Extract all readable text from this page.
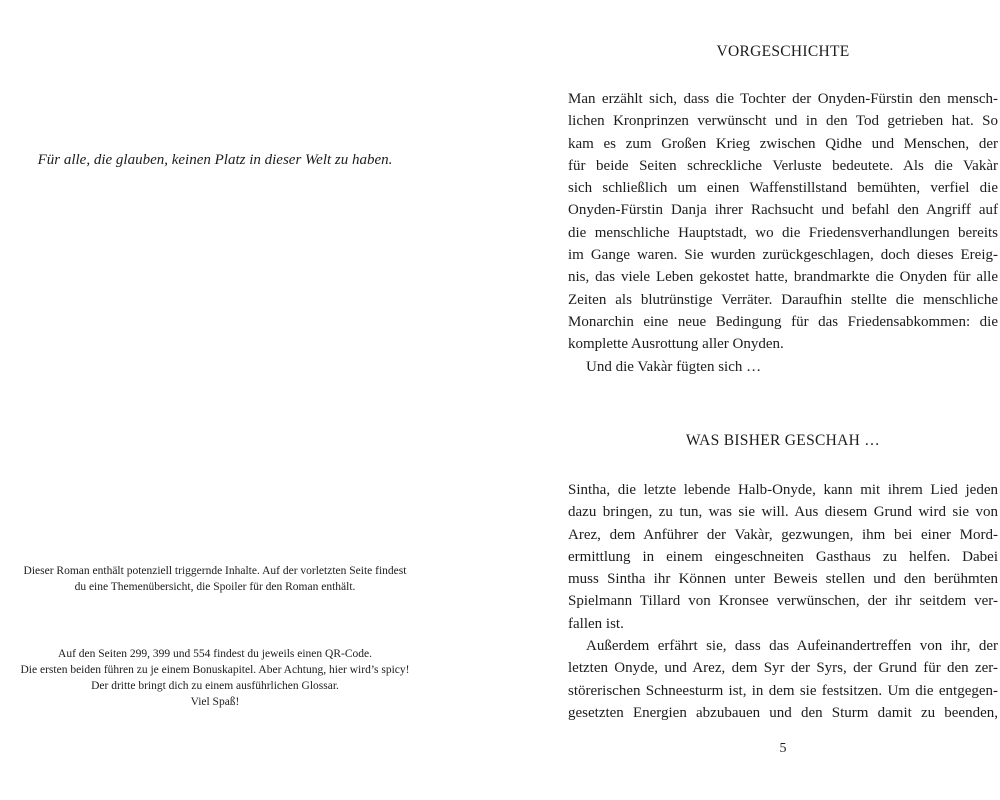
Für alle, die glauben, keinen Platz in dieser Welt zu haben.
Dieser Roman enthält potenziell triggernde Inhalte. Auf der vorletzten Seite findest
du eine Themenübersicht, die Spoiler für den Roman enthält.
Auf den Seiten 299, 399 und 554 findest du jeweils einen QR-Code.
Die ersten beiden führen zu je einem Bonuskapitel. Aber Achtung, hier wird’s spicy!
Der dritte bringt dich zu einem ausführlichen Glossar.
Viel Spaß!
VORGESCHICHTE
Man erzählt sich, dass die Tochter der Onyden-Fürstin den mensch-
lichen Kronprinzen verwünscht und in den Tod getrieben hat. So
kam es zum Großen Krieg zwischen Qidhe und Menschen, der
für beide Seiten schreckliche Verluste bedeutete. Als die Vakàr
sich schließlich um einen Waffenstillstand bemühten, verfiel die
Onyden-Fürstin Danja ihrer Rachsucht und befahl den Angriff auf
die menschliche Hauptstadt, wo die Friedensverhandlungen bereits
im Gange waren. Sie wurden zurückgeschlagen, doch dieses Ereig-
nis, das viele Leben gekostet hatte, brandmarkte die Onyden für alle
Zeiten als blutrünstige Verräter. Daraufhin stellte die menschliche
Monarchin eine neue Bedingung für das Friedensabkommen: die
komplette Ausrottung aller Onyden.
Und die Vakàr fügten sich …
WAS BISHER GESCHAH …
Sintha, die letzte lebende Halb-Onyde, kann mit ihrem Lied jeden
dazu bringen, zu tun, was sie will. Aus diesem Grund wird sie von
Arez, dem Anführer der Vakàr, gezwungen, ihm bei einer Mord-
ermittlung in einem eingeschneiten Gasthaus zu helfen. Dabei
muss Sintha ihr Können unter Beweis stellen und den berühmten
Spielmann Tillard von Kronsee verwünschen, der ihr seitdem ver-
fallen ist.
Außerdem erfährt sie, dass das Aufeinandertreffen von ihr, der
letzten Onyde, und Arez, dem Syr der Syrs, der Grund für den zer-
störerischen Schneesturm ist, in dem sie festsitzen. Um die entgegen-
gesetzten Energien abzubauen und den Sturm damit zu beenden,
5
